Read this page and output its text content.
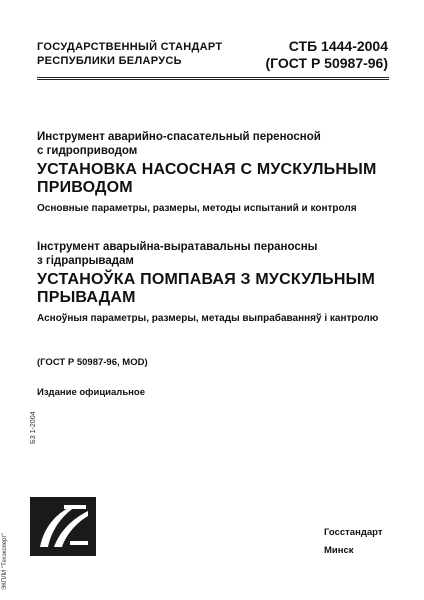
ГОСУДАРСТВЕННЫЙ СТАНДАРТ
РЕСПУБЛИКИ БЕЛАРУСЬ
СТБ 1444-2004
(ГОСТ Р 50987-96)
Инструмент аварийно-спасательный переносной
с гидроприводом
УСТАНОВКА НАСОСНАЯ С МУСКУЛЬНЫМ
ПРИВОДОМ
Основные параметры, размеры, методы испытаний и контроля
Інструмент аварыйна-выратавальны пераносны
з гідрапрывадам
УСТАНОЎКА ПОМПАВАЯ З МУСКУЛЬНЫМ
ПРЫВАДАМ
Асноўныя параметры, размеры, метады выпрабаванняў і кантролю
(ГОСТ Р 50987-96, MOD)
Издание официальное
БЗ 1-2004
ЭКПЛИ "Техэксперт"
Госстандарт
Минск
